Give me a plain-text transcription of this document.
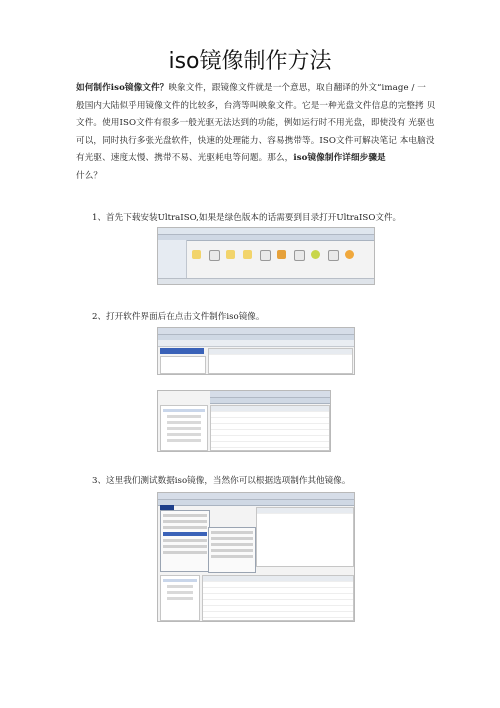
iso镜像制作方法
如何制作iso镜像文件？映象文件，跟镜像文件就是一个意思，取自翻译的外文“image / 一 般国内大陆似乎用镜像文件的比较多，台湾等叫映象文件。它是一种光盘文件信息的完整拷 贝文件。使用ISO文件有很多一般光驱无法达到的功能，例如运行时不用光盘，即使没有 光驱也可以，同时执行多张光盘软件，快速的处理能力、容易携带等。ISO文件可解决笔记 本电脑没有光驱、速度太慢、携带不易、光驱耗电等问题。那么，iso镜像制作详细步骤是
什么？
1、首先下载安装UltraISO,如果是绿色版本的话需要到目录打开UltraISO文件。
2、打开软件界面后在点击文件制作iso镜像。
3、这里我们测试数据iso镜像，当然你可以根据选项制作其他镜像。
